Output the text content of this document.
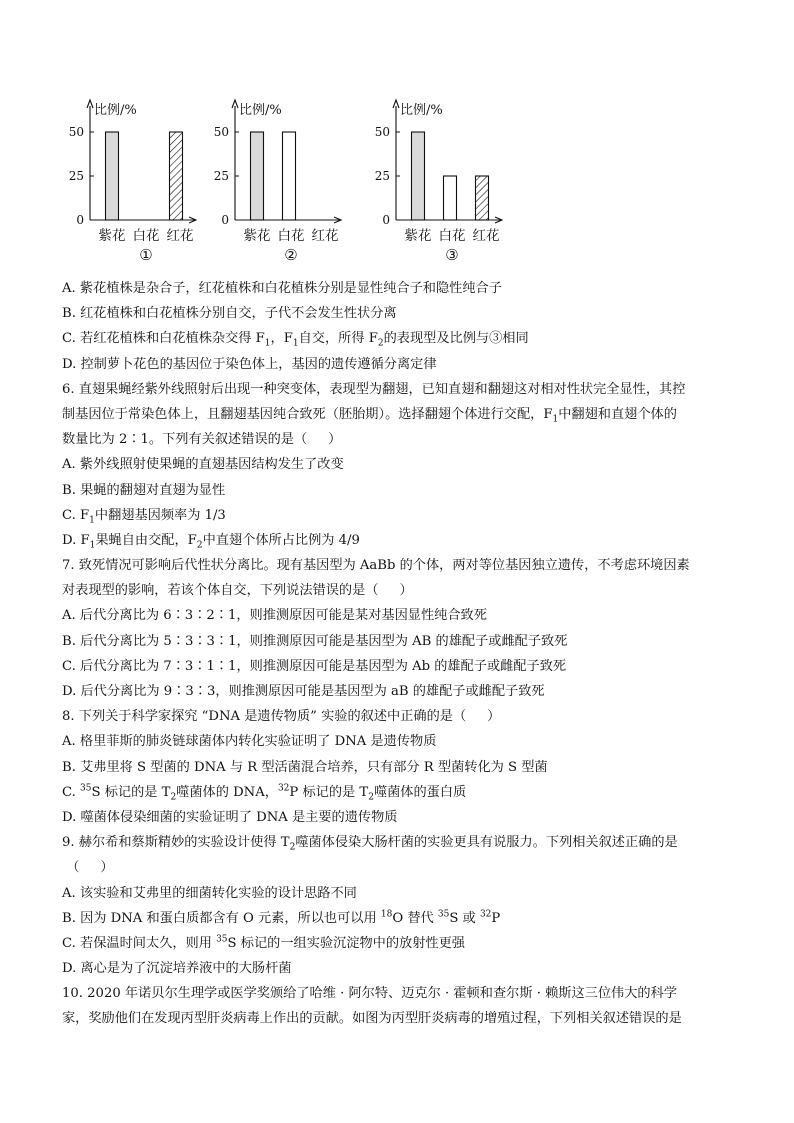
比例/%
50
25
0
紫花 白花 红花
①
比例/%
50
25
0
紫花 白花 红花
②
比例/%
50
25
0
紫花 白花 红花
③
A. 紫花植株是杂合子，红花植株和白花植株分别是显性纯合子和隐性纯合子
B. 红花植株和白花植株分别自交，子代不会发生性状分离
C. 若红花植株和白花植株杂交得 $F_1$，$F_1$自交，所得 $F_2$的表现型及比例与③相同
D. 控制萝卜花色的基因位于染色体上，基因的遗传遵循分离定律
6. 直翅果蝇经紫外线照射后出现一种突变体，表现型为翻翅，已知直翅和翻翅这对相对性状完全显性，其控
制基因位于常染色体上，且翻翅基因纯合致死（胚胎期）。选择翻翅个体进行交配，$F_1$中翻翅和直翅个体的
数量比为 2∶1。下列有关叙述错误的是（     ）
A. 紫外线照射使果蝇的直翅基因结构发生了改变
B. 果蝇的翻翅对直翅为显性
C. $F_1$中翻翅基因频率为 1/3
D. $F_1$果蝇自由交配，$F_2$中直翅个体所占比例为 4/9
7. 致死情况可影响后代性状分离比。现有基因型为 AaBb 的个体，两对等位基因独立遗传，不考虑环境因素
对表现型的影响，若该个体自交，下列说法错误的是（     ）
A. 后代分离比为 6∶3∶2∶1，则推测原因可能是某对基因显性纯合致死
B. 后代分离比为 5∶3∶3∶1，则推测原因可能是基因型为 AB 的雄配子或雌配子致死
C. 后代分离比为 7∶3∶1∶1，则推测原因可能是基因型为 Ab 的雄配子或雌配子致死
D. 后代分离比为 9∶3∶3，则推测原因可能是基因型为 aB 的雄配子或雌配子致死
8. 下列关于科学家探究 “DNA 是遗传物质” 实验的叙述中正确的是（     ）
A. 格里菲斯的肺炎链球菌体内转化实验证明了 DNA 是遗传物质
B. 艾弗里将 S 型菌的 DNA 与 R 型活菌混合培养，只有部分 R 型菌转化为 S 型菌
C. $^{35}$S 标记的是 $T_2$噬菌体的 DNA，$^{32}$P 标记的是 $T_2$噬菌体的蛋白质
D. 噬菌体侵染细菌的实验证明了 DNA 是主要的遗传物质
9. 赫尔希和蔡斯精妙的实验设计使得 $T_2$噬菌体侵染大肠杆菌的实验更具有说服力。下列相关叙述正确的是
（     ）
A. 该实验和艾弗里的细菌转化实验的设计思路不同
B. 因为 DNA 和蛋白质都含有 O 元素，所以也可以用 $^{18}$O 替代 $^{35}$S 或 $^{32}$P
C. 若保温时间太久，则用 $^{35}$S 标记的一组实验沉淀物中的放射性更强
D. 离心是为了沉淀培养液中的大肠杆菌
10. 2020 年诺贝尔生理学或医学奖颁给了哈维 · 阿尔特、迈克尔 · 霍顿和查尔斯 · 赖斯这三位伟大的科学
家，奖励他们在发现丙型肝炎病毒上作出的贡献。如图为丙型肝炎病毒的增殖过程，下列相关叙述错误的是
